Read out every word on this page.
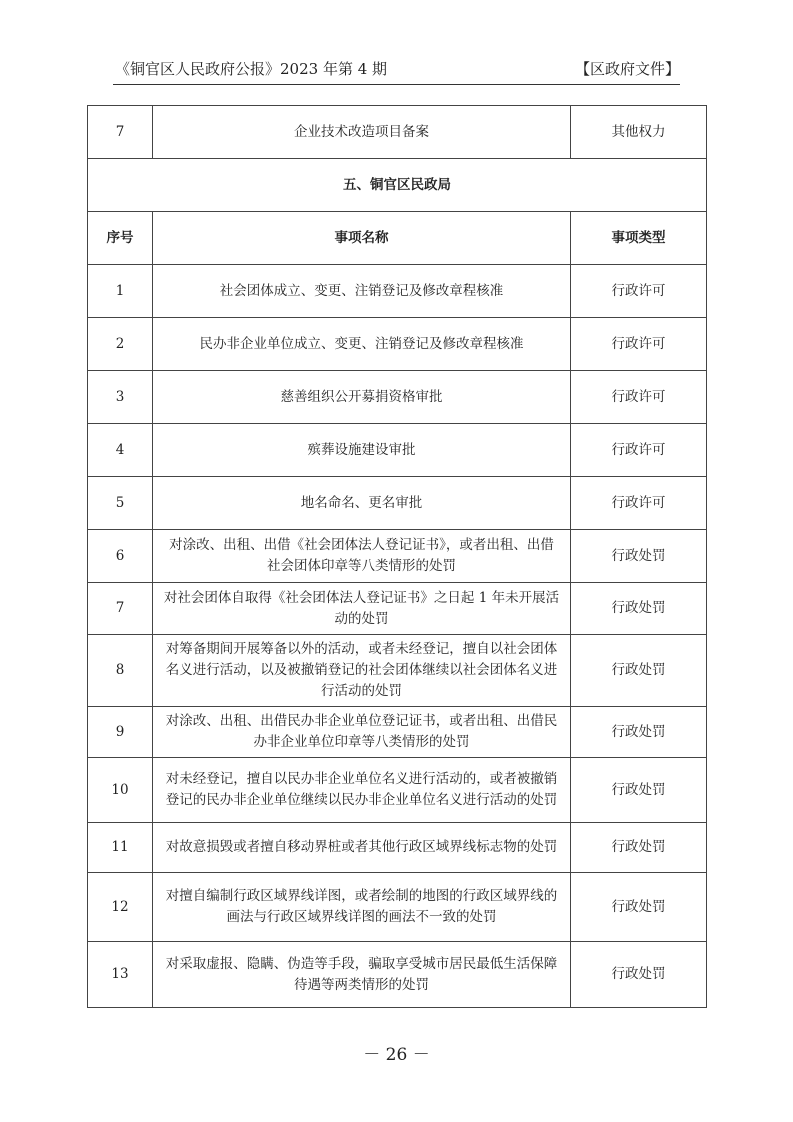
《铜官区人民政府公报》2023 年第 4 期	【区政府文件】
7	企业技术改造项目备案	其他权力
五、铜官区民政局		
序号	事项名称	事项类型
1	社会团体成立、变更、注销登记及修改章程核准	行政许可
2	民办非企业单位成立、变更、注销登记及修改章程核准	行政许可
3	慈善组织公开募捐资格审批	行政许可
4	殡葬设施建设审批	行政许可
5	地名命名、更名审批	行政许可
6	对涂改、出租、出借《社会团体法人登记证书》，或者出租、出借社会团体印章等八类情形的处罚	行政处罚
7	对社会团体自取得《社会团体法人登记证书》之日起 1 年未开展活动的处罚	行政处罚
8	对筹备期间开展筹备以外的活动，或者未经登记，擅自以社会团体名义进行活动，以及被撤销登记的社会团体继续以社会团体名义进行活动的处罚	行政处罚
9	对涂改、出租、出借民办非企业单位登记证书，或者出租、出借民办非企业单位印章等八类情形的处罚	行政处罚
10	对未经登记，擅自以民办非企业单位名义进行活动的，或者被撤销登记的民办非企业单位继续以民办非企业单位名义进行活动的处罚	行政处罚
11	对故意损毁或者擅自移动界桩或者其他行政区域界线标志物的处罚	行政处罚
12	对擅自编制行政区域界线详图，或者绘制的地图的行政区域界线的画法与行政区域界线详图的画法不一致的处罚	行政处罚
13	对采取虚报、隐瞒、伪造等手段，骗取享受城市居民最低生活保障待遇等两类情形的处罚	行政处罚
－ 26 －
